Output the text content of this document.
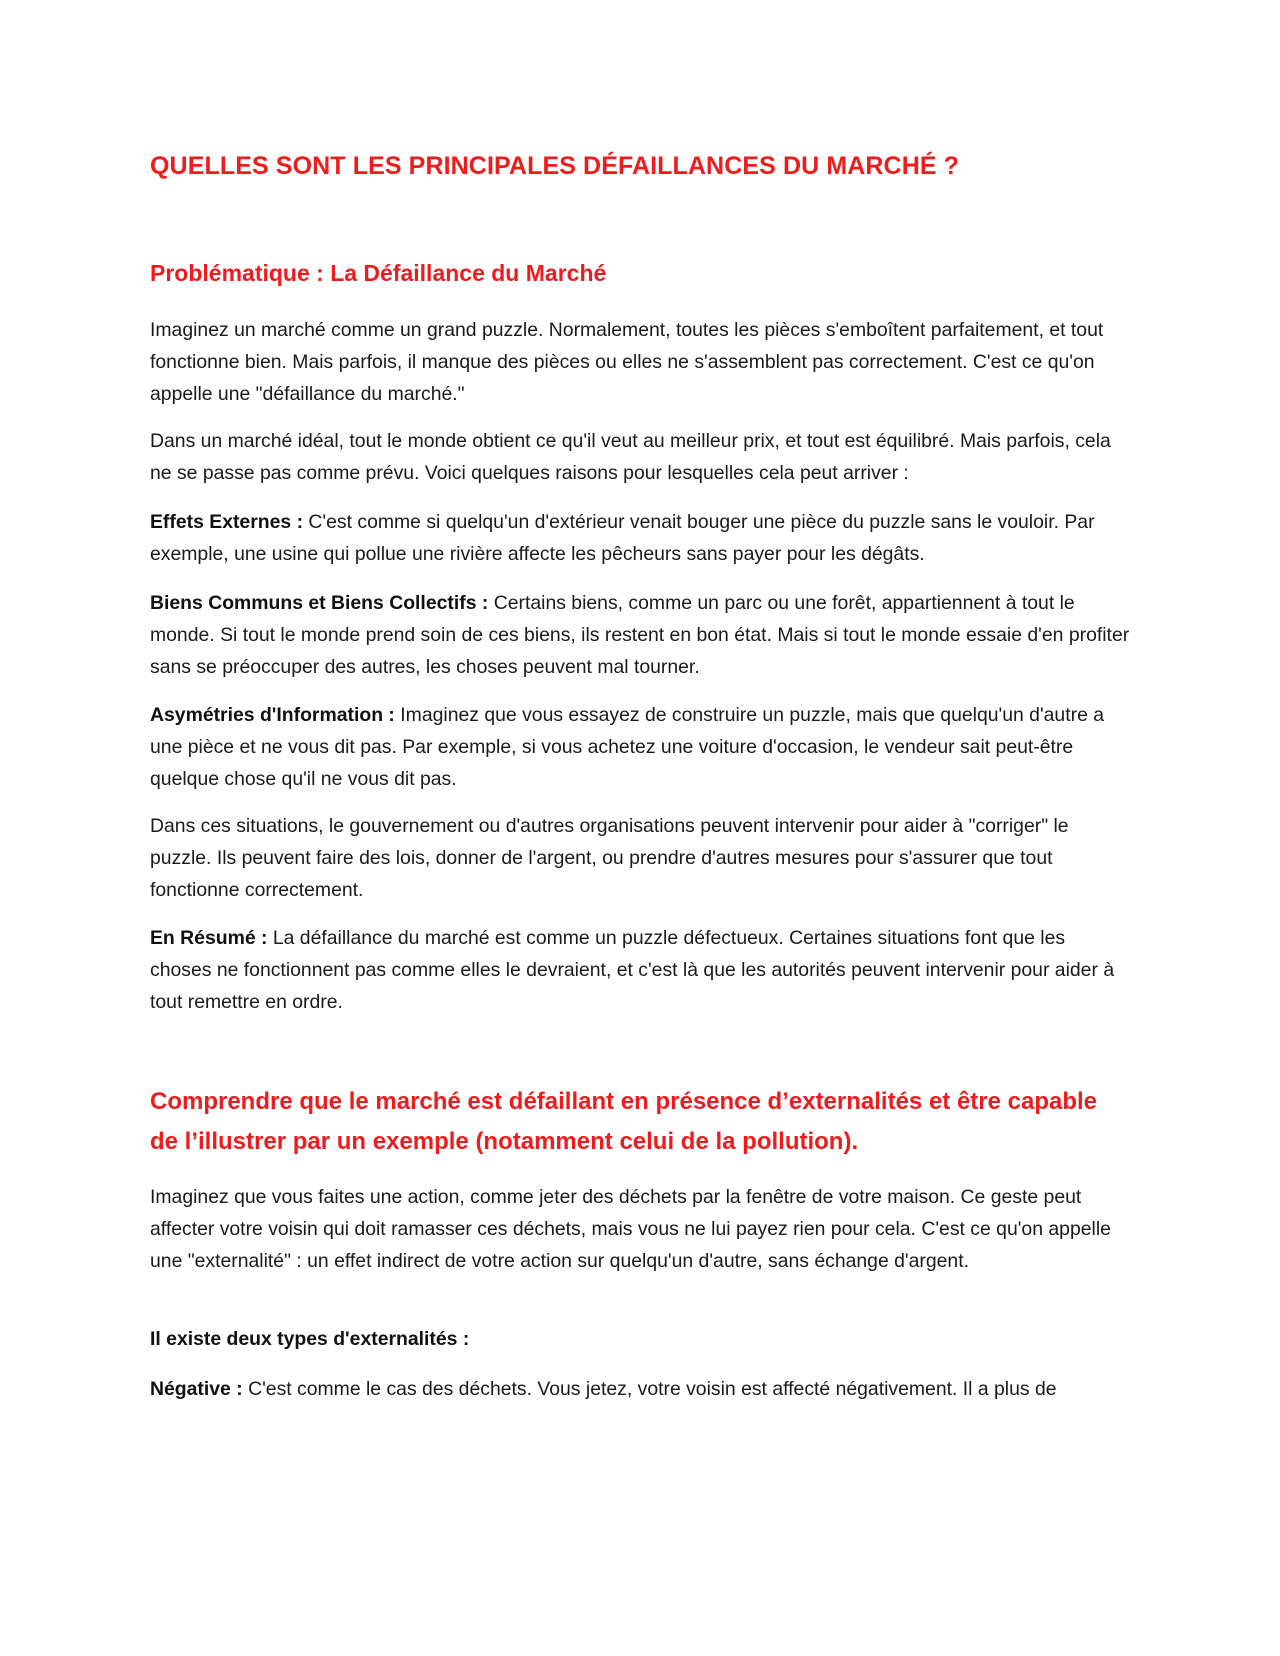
QUELLES SONT LES PRINCIPALES DÉFAILLANCES DU MARCHÉ ?
Problématique : La Défaillance du Marché

Imaginez un marché comme un grand puzzle. Normalement, toutes les pièces s'emboîtent parfaitement, et tout fonctionne bien. Mais parfois, il manque des pièces ou elles ne s'assemblent pas correctement. C'est ce qu'on appelle une "défaillance du marché."

Dans un marché idéal, tout le monde obtient ce qu'il veut au meilleur prix, et tout est équilibré. Mais parfois, cela ne se passe pas comme prévu. Voici quelques raisons pour lesquelles cela peut arriver :

Effets Externes : C'est comme si quelqu'un d'extérieur venait bouger une pièce du puzzle sans le vouloir. Par exemple, une usine qui pollue une rivière affecte les pêcheurs sans payer pour les dégâts.

Biens Communs et Biens Collectifs : Certains biens, comme un parc ou une forêt, appartiennent à tout le monde. Si tout le monde prend soin de ces biens, ils restent en bon état. Mais si tout le monde essaie d'en profiter sans se préoccuper des autres, les choses peuvent mal tourner.

Asymétries d'Information : Imaginez que vous essayez de construire un puzzle, mais que quelqu'un d'autre a une pièce et ne vous dit pas. Par exemple, si vous achetez une voiture d'occasion, le vendeur sait peut-être quelque chose qu'il ne vous dit pas.

Dans ces situations, le gouvernement ou d'autres organisations peuvent intervenir pour aider à "corriger" le puzzle. Ils peuvent faire des lois, donner de l'argent, ou prendre d'autres mesures pour s'assurer que tout fonctionne correctement.

En Résumé : La défaillance du marché est comme un puzzle défectueux. Certaines situations font que les choses ne fonctionnent pas comme elles le devraient, et c'est là que les autorités peuvent intervenir pour aider à tout remettre en ordre.

Comprendre que le marché est défaillant en présence d’externalités et être capable de l’illustrer par un exemple (notamment celui de la pollution).

Imaginez que vous faites une action, comme jeter des déchets par la fenêtre de votre maison. Ce geste peut affecter votre voisin qui doit ramasser ces déchets, mais vous ne lui payez rien pour cela. C'est ce qu'on appelle une "externalité" : un effet indirect de votre action sur quelqu'un d'autre, sans échange d'argent.

Il existe deux types d'externalités :

Négative : C'est comme le cas des déchets. Vous jetez, votre voisin est affecté négativement. Il a plus de
